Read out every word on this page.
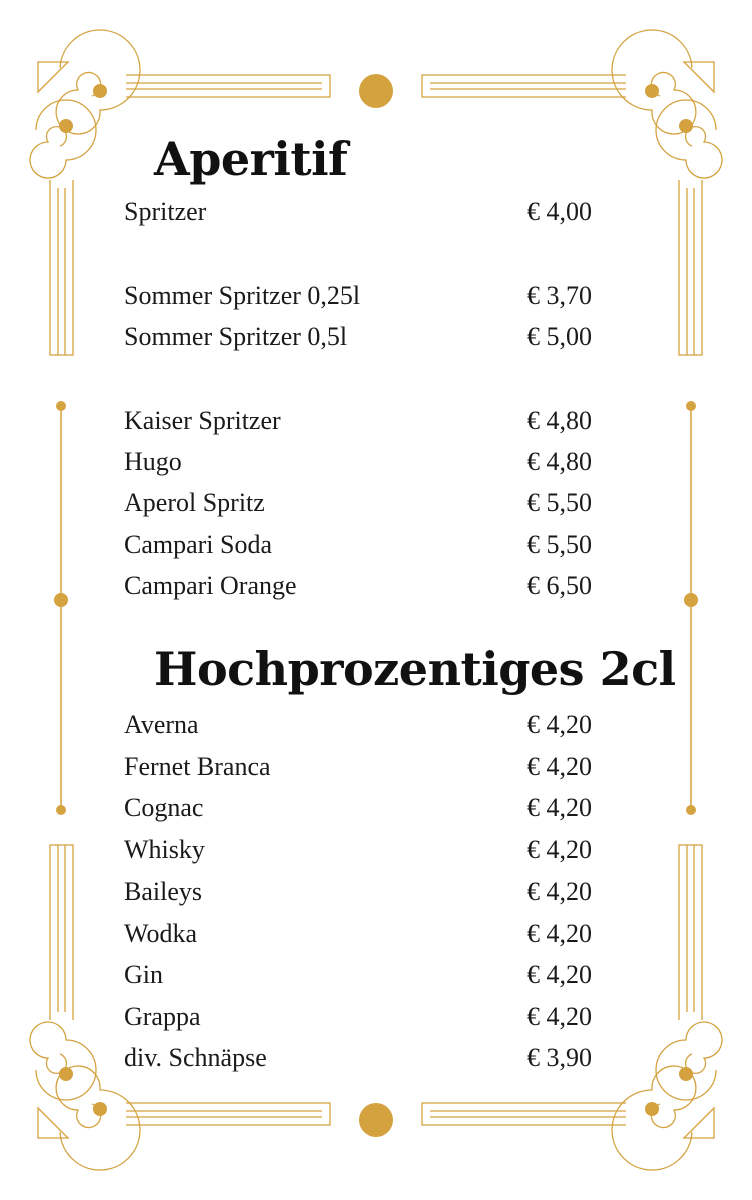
Aperitif
Spritzer	€ 4,00
Sommer Spritzer 0,25l	€ 3,70
Sommer Spritzer 0,5l	€ 5,00
Kaiser Spritzer	€ 4,80
Hugo	€ 4,80
Aperol Spritz	€ 5,50
Campari Soda	€ 5,50
Campari Orange	€ 6,50
Hochprozentiges 2cl
Averna	€ 4,20
Fernet Branca	€ 4,20
Cognac	€ 4,20
Whisky	€ 4,20
Baileys	€ 4,20
Wodka	€ 4,20
Gin	€ 4,20
Grappa	€ 4,20
div. Schnäpse	€ 3,90
